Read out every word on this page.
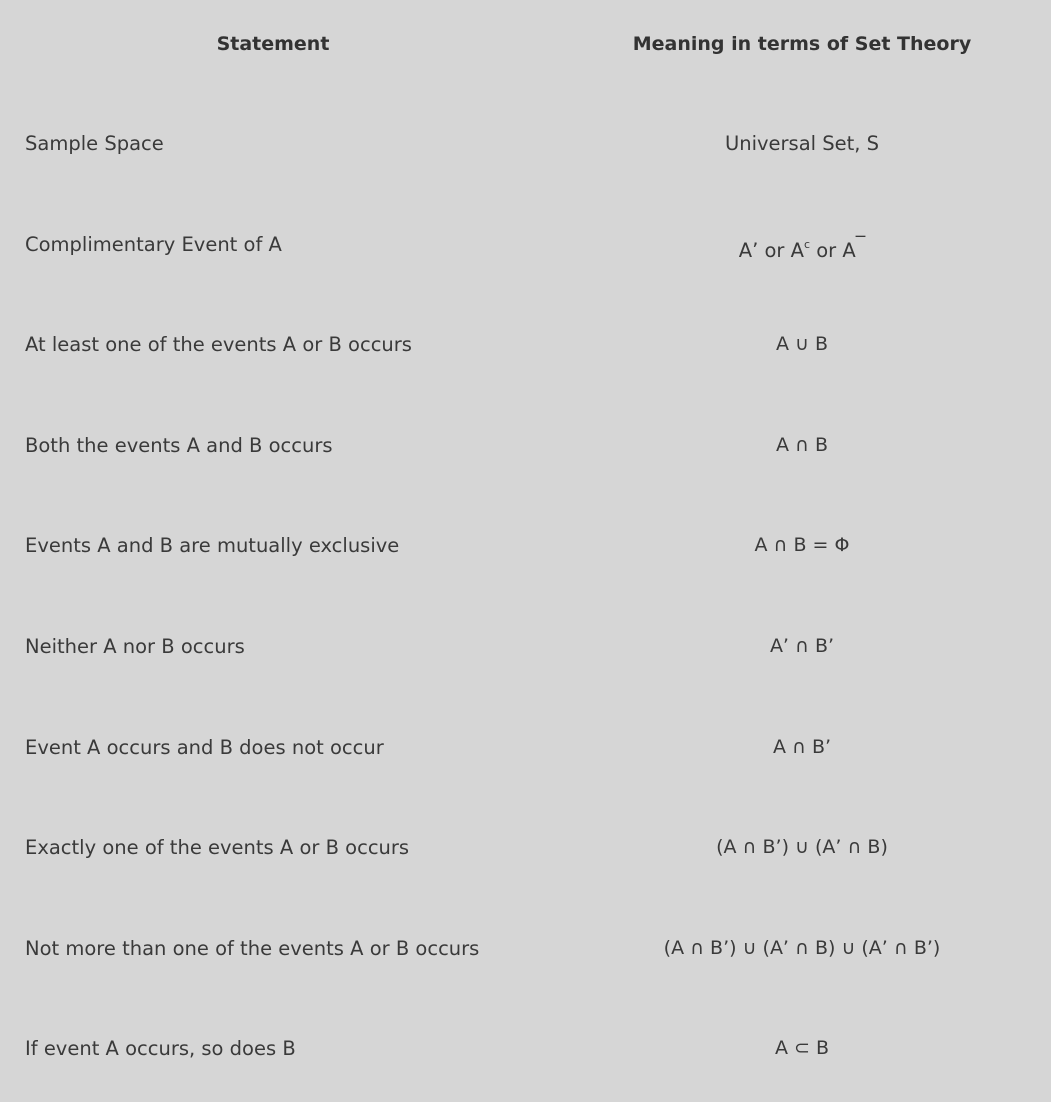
Statement	Meaning in terms of Set Theory
Sample Space	Universal Set, S
Complimentary Event of A	A’ or $A^c$ or A‾
At least one of the events A or B occurs	A ∪ B
Both the events A and B occurs	A ∩ B
Events A and B are mutually exclusive	A ∩ B = Φ
Neither A nor B occurs	A’ ∩ B’
Event A occurs and B does not occur	A ∩ B’
Exactly one of the events A or B occurs	(A ∩ B’) ∪ (A’ ∩ B)
Not more than one of the events A or B occurs	(A ∩ B’) ∪ (A’ ∩ B) ∪ (A’ ∩ B’)
If event A occurs, so does B	A ⊂ B
